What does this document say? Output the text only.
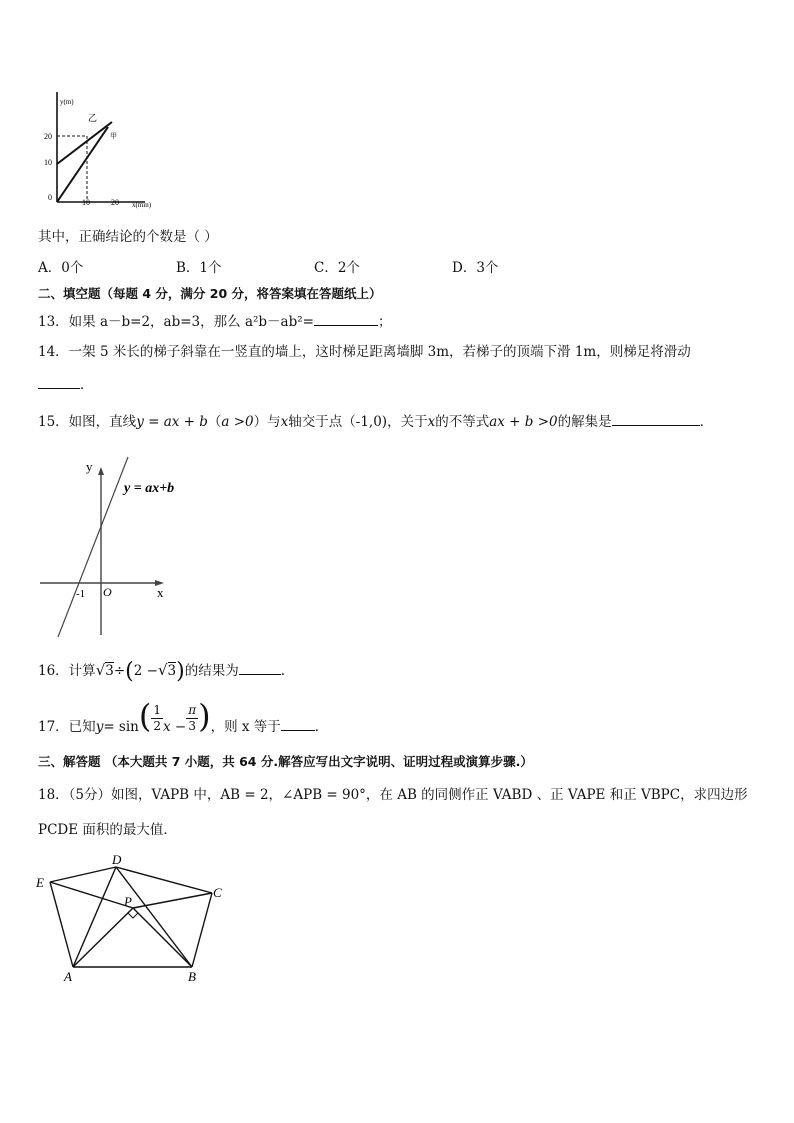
y(m)
x(min)
20
10
10	20
0
乙
甲
其中，正确结论的个数是（ ）
A．0个	B．1个	C．2个	D．3个
二、填空题（每题 4 分，满分 20 分，将答案填在答题纸上）
13．如果 a－b=2，ab=3，那么 a²b－ab²=	；
14．一架 5 米长的梯子斜靠在一竖直的墙上，这时梯足距离墙脚 3m，若梯子的顶端下滑 1m，则梯足将滑动
．
15．如图，直线y = ax + b（a >0）与x轴交于点（-1,0)，关于x的不等式ax + b >0的解集是	．
y
x
O
-1
y = ax+b
16．计算√3÷(2 −√3)的结果为	.
17．已知$y= \sin( \frac{1}{2}$ $x - \frac{\pi}{3}$ )，则 x 等于	．
三、解答题 （本大题共 7 小题，共 64 分.解答应写出文字说明、证明过程或演算步骤.）
18．（5分）如图，VAPB 中，AB = 2，∠APB = 90°，在 AB 的同侧作正 VABD 、正 VAPE 和正 VBPC，求四边形
PCDE 面积的最大值．
D
E
C
P
A	B
